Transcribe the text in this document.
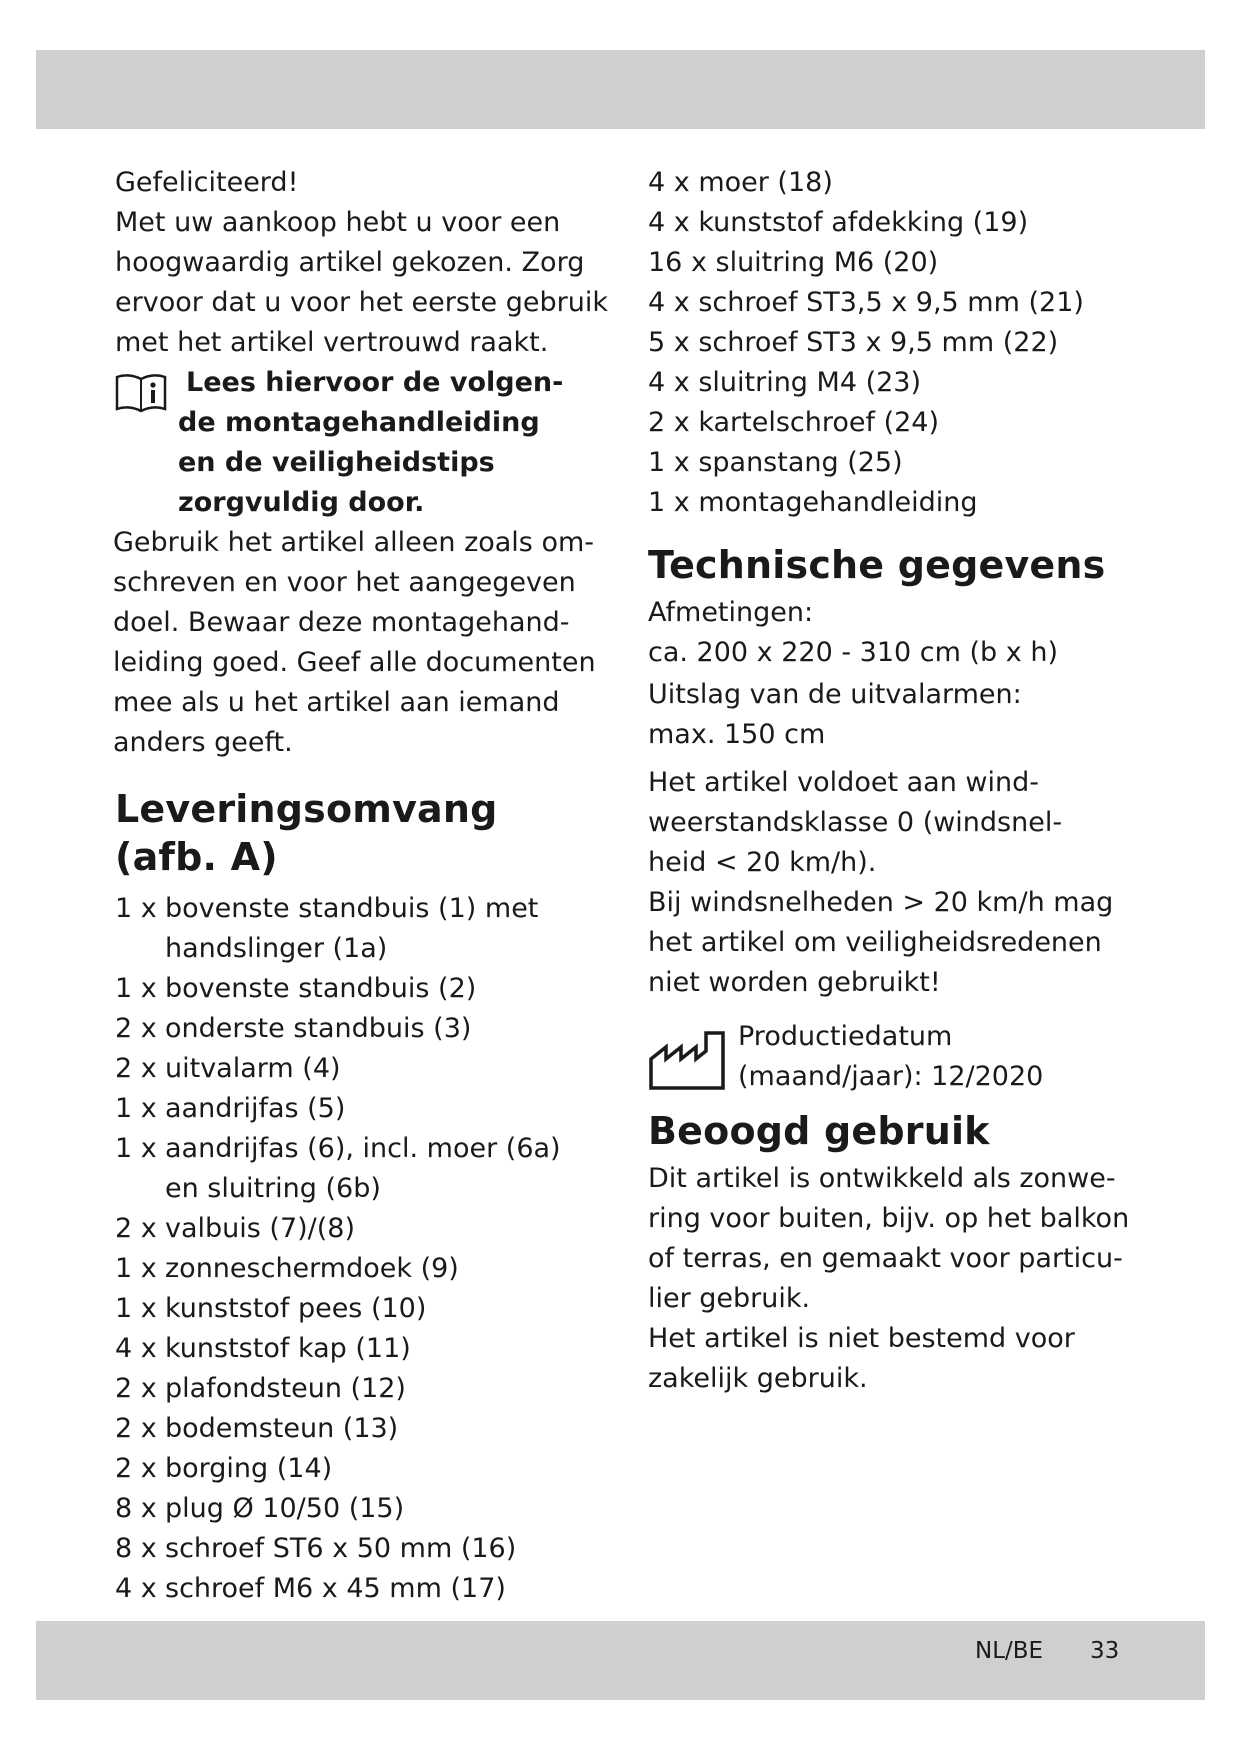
Gefeliciteerd!

Met uw aankoop hebt u voor een

hoogwaardig artikel gekozen. Zorg

ervoor dat u voor het eerste gebruik

met het artikel vertrouwd raakt.

Lees hiervoor de volgen-

de montagehandleiding

en de veiligheidstips

zorgvuldig door.

Gebruik het artikel alleen zoals om-

schreven en voor het aangegeven

doel. Bewaar deze montagehand-

leiding goed. Geef alle documenten

mee als u het artikel aan iemand

anders geeft.

Leveringsomvang
(afb. A)
1 x bovenste standbuis (1) met
handslinger (1a)
1 x bovenste standbuis (2)
2 x onderste standbuis (3)
2 x uitvalarm (4)
1 x aandrijfas (5)
1 x aandrijfas (6), incl. moer (6a)
en sluitring (6b)
2 x valbuis (7)/(8)
1 x zonneschermdoek (9)
1 x kunststof pees (10)
4 x kunststof kap (11)
2 x plafondsteun (12)
2 x bodemsteun (13)
2 x borging (14)
8 x plug Ø 10/50 (15)
8 x schroef ST6 x 50 mm (16)
4 x schroef M6 x 45 mm (17)

4 x moer (18)

4 x kunststof afdekking (19)

16 x sluitring M6 (20)

4 x schroef ST3,5 x 9,5 mm (21)

5 x schroef ST3 x 9,5 mm (22)

4 x sluitring M4 (23)

2 x kartelschroef (24)

1 x spanstang (25)

1 x montagehandleiding

Technische gegevens

Afmetingen:

ca. 200 x 220 - 310 cm (b x h)

Uitslag van de uitvalarmen:

max. 150 cm

Het artikel voldoet aan wind-

weerstandsklasse 0 (windsnel-

heid < 20 km/h).

Bij windsnelheden > 20 km/h mag

het artikel om veiligheidsredenen

niet worden gebruikt!

Productiedatum

(maand/jaar): 12/2020

Beoogd gebruik

Dit artikel is ontwikkeld als zonwe-

ring voor buiten, bijv. op het balkon

of terras, en gemaakt voor particu-

lier gebruik.

Het artikel is niet bestemd voor

zakelijk gebruik.

NL/BE 33
